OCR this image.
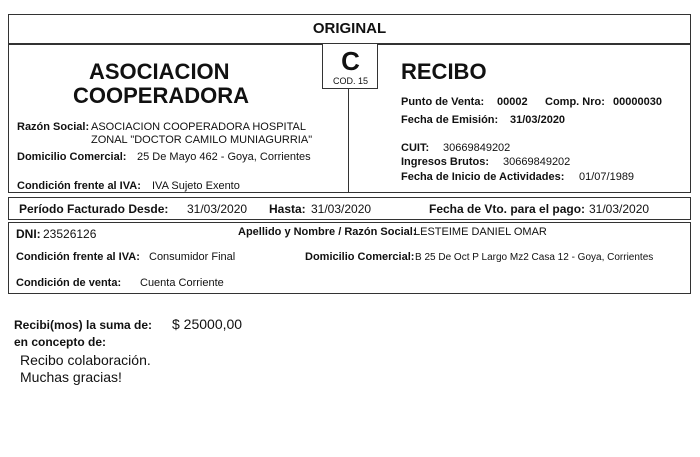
ORIGINAL
ASOCIACION
COOPERADORA
Razón Social: ASOCIACION COOPERADORA HOSPITAL
ZONAL "DOCTOR CAMILO MUNIAGURRIA"
Domicilio Comercial: 25 De Mayo 462 - Goya, Corrientes
Condición frente al IVA: IVA Sujeto Exento
RECIBO
Punto de Venta: 00002 Comp. Nro: 00000030
Fecha de Emisión: 31/03/2020
CUIT: 30669849202
Ingresos Brutos: 30669849202
Fecha de Inicio de Actividades: 01/07/1989
C
COD. 15
Período Facturado Desde: 31/03/2020 Hasta: 31/03/2020	Fecha de Vto. para el pago: 31/03/2020
DNI: 23526126	Apellido y Nombre / Razón Social:
LESTEIME DANIEL OMAR
Condición frente al IVA: Consumidor Final	Domicilio Comercial: B 25 De Oct P Largo Mz2 Casa 12 - Goya, Corrientes
Condición de venta: Cuenta Corriente
Recibi(mos) la suma de: $ 25000,00
en concepto de:
Recibo colaboración.
Muchas gracias!
